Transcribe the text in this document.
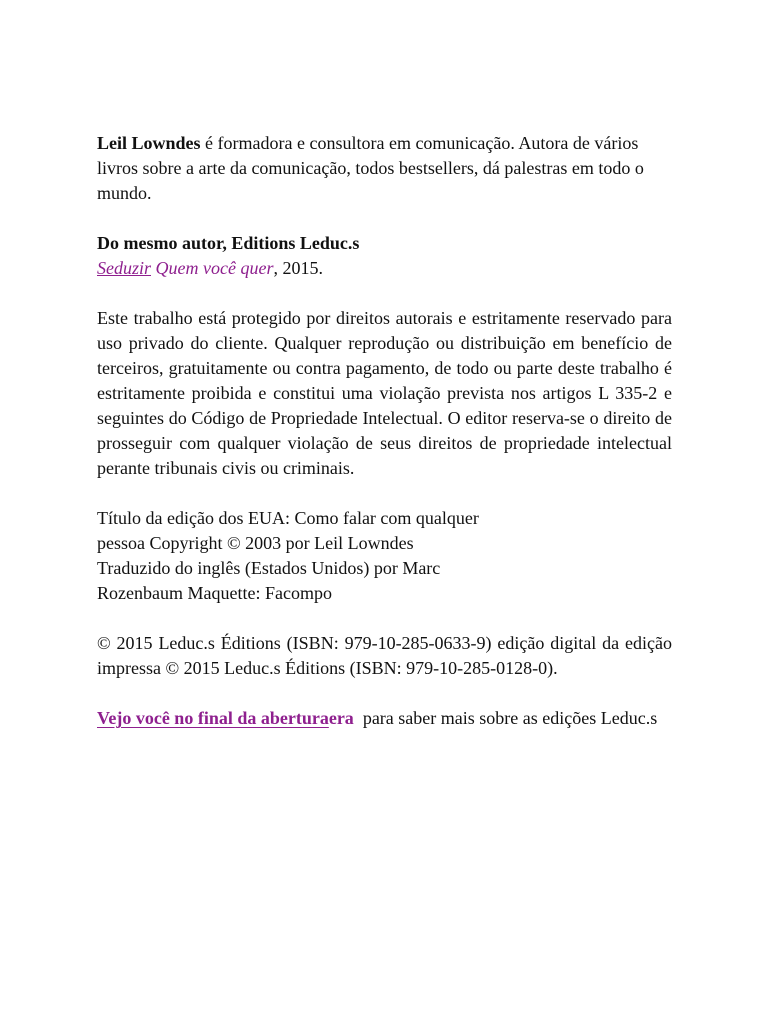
Leil Lowndes é formadora e consultora em comunicação. Autora de vários livros sobre a arte da comunicação, todos bestsellers, dá palestras em todo o mundo.

Do mesmo autor, Editions Leduc.s
Seduzir Quem você quer, 2015.

Este trabalho está protegido por direitos autorais e estritamente reservado para uso privado do cliente. Qualquer reprodução ou distribuição em benefício de terceiros, gratuitamente ou contra pagamento, de todo ou parte deste trabalho é estritamente proibida e constitui uma violação prevista nos artigos L 335-2 e seguintes do Código de Propriedade Intelectual. O editor reserva-se o direito de prosseguir com qualquer violação de seus direitos de propriedade intelectual perante tribunais civis ou criminais.

Título da edição dos EUA: Como falar com qualquer
pessoa Copyright © 2003 por Leil Lowndes
Traduzido do inglês (Estados Unidos) por Marc
Rozenbaum Maquette: Facompo

© 2015 Leduc.s Éditions (ISBN: 979-10-285-0633-9) edição digital da edição impressa © 2015 Leduc.s Éditions (ISBN: 979-10-285-0128-0).

Vejo você no final da aberturaera  para saber mais sobre as edições Leduc.s
